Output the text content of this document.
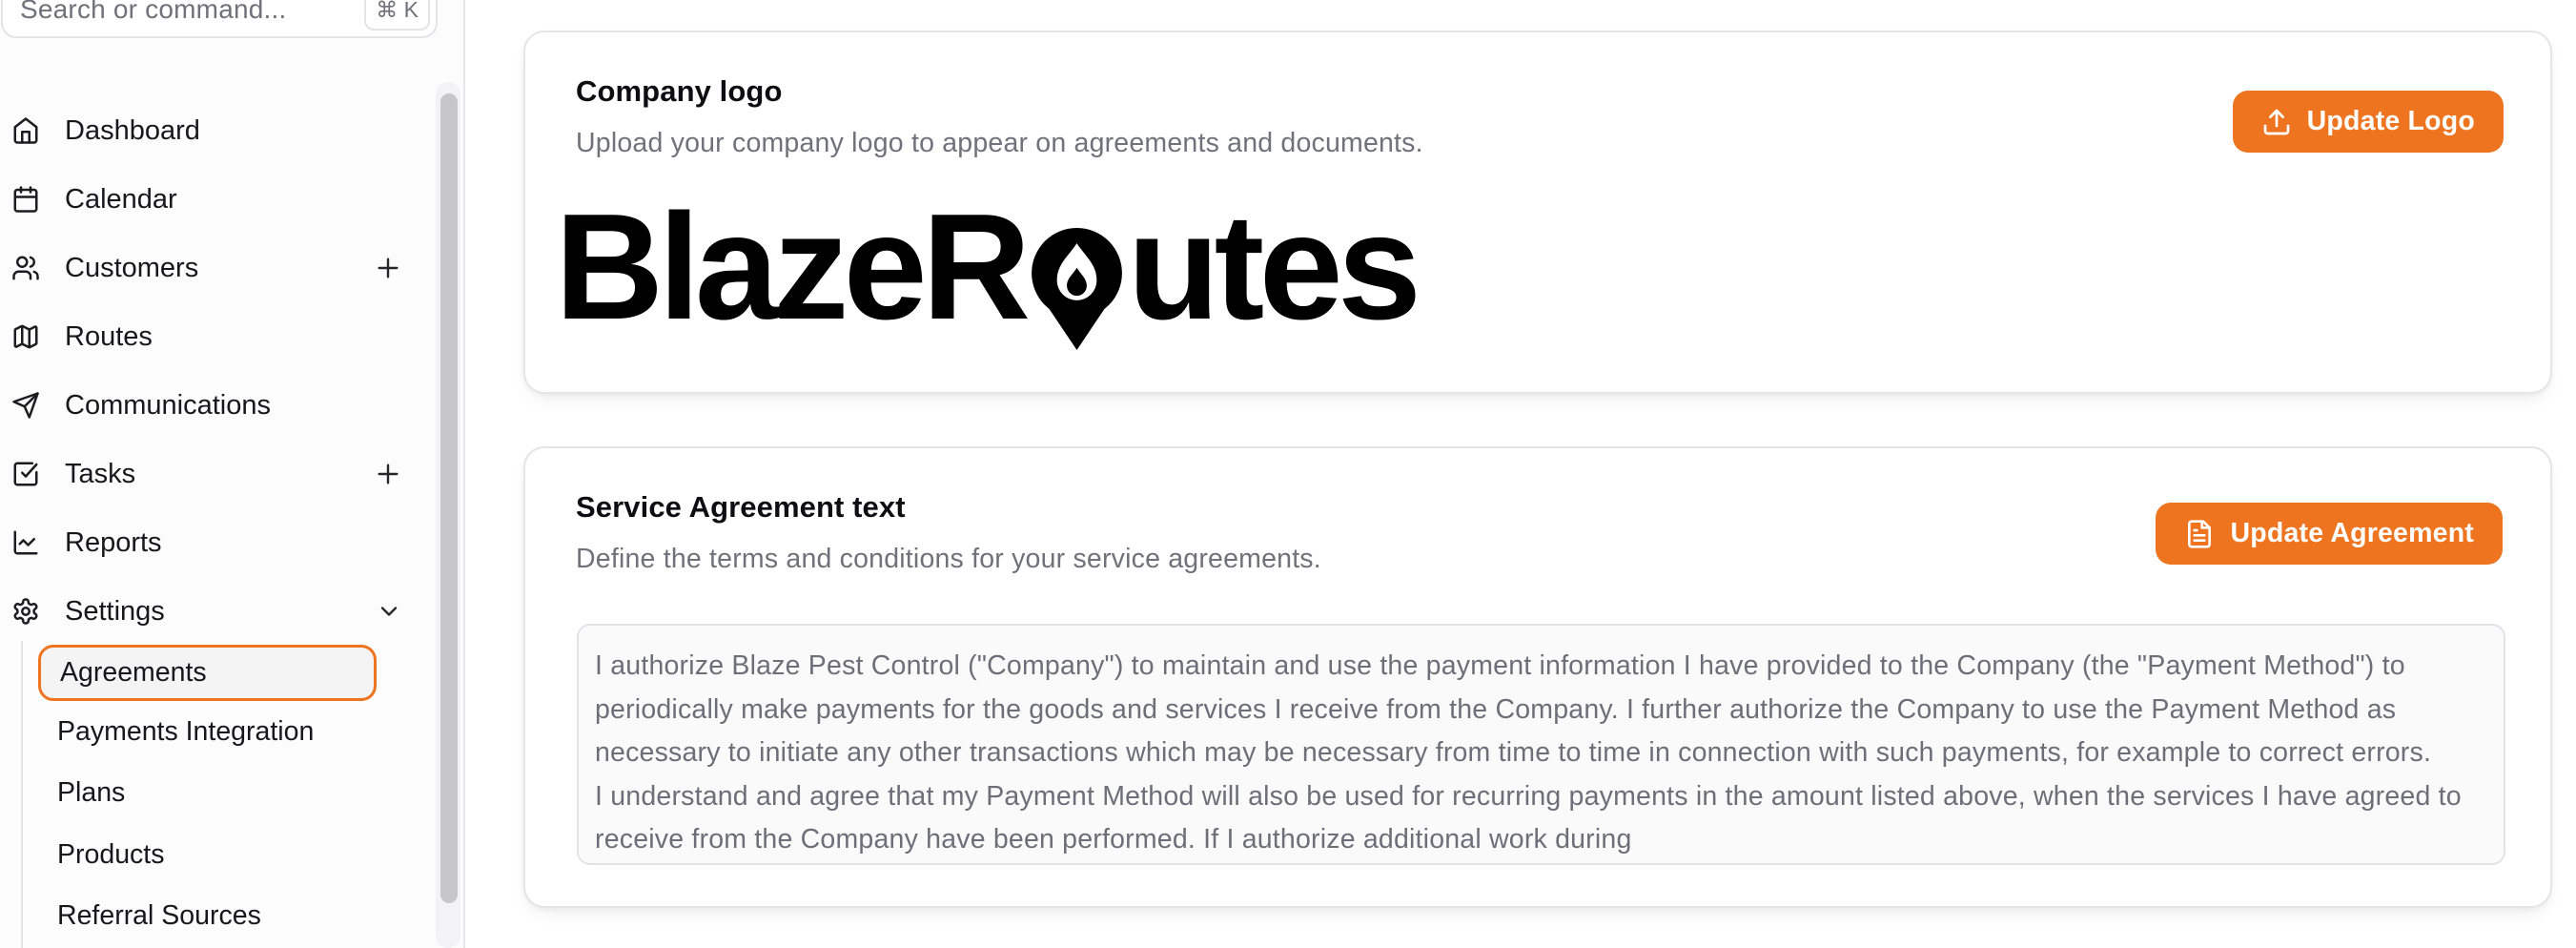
Search or command...	⌘ K
Dashboard
Calendar
Customers
Routes
Communications
Tasks
Reports
Settings
Agreements
Payments Integration
Plans
Products
Referral Sources
Company logo
Upload your company logo to appear on agreements and documents.
Update Logo
BlazeR utes
Service Agreement text
Define the terms and conditions for your service agreements.
Update Agreement
I authorize Blaze Pest Control ("Company") to maintain and use the payment information I have provided to the Company (the "Payment Method") to periodically make payments for the goods and services I receive from the Company. I further authorize the Company to use the Payment Method as necessary to initiate any other transactions which may be necessary from time to time in connection with such payments, for example to correct errors. I understand and agree that my Payment Method will also be used for recurring payments in the amount listed above, when the services I have agreed to receive from the Company have been performed. If I authorize additional work during
